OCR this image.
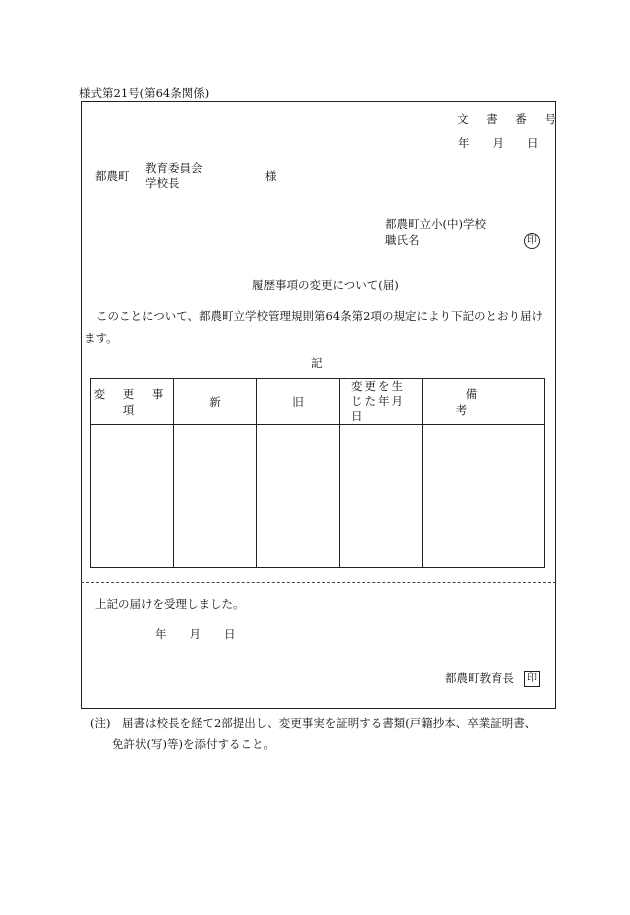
様式第21号(第64条関係)
文 書 番 号
年　　月　　日
都農町
教育委員会
学校長	様
都農町立小(中)学校
職氏名	印
履歴事項の変更について(届)
このことについて、都農町立学校管理規則第64条第2項の規定により下記のとおり届け
ます。
記
変 更 事 項	新	旧	変更を生じた年月日	備 考

上記の届けを受理しました。
年　　月　　日
都農町教育長	印
(注)　届書は校長を経て2部提出し、変更事実を証明する書類(戸籍抄本、卒業証明書、
免許状(写)等)を添付すること。
